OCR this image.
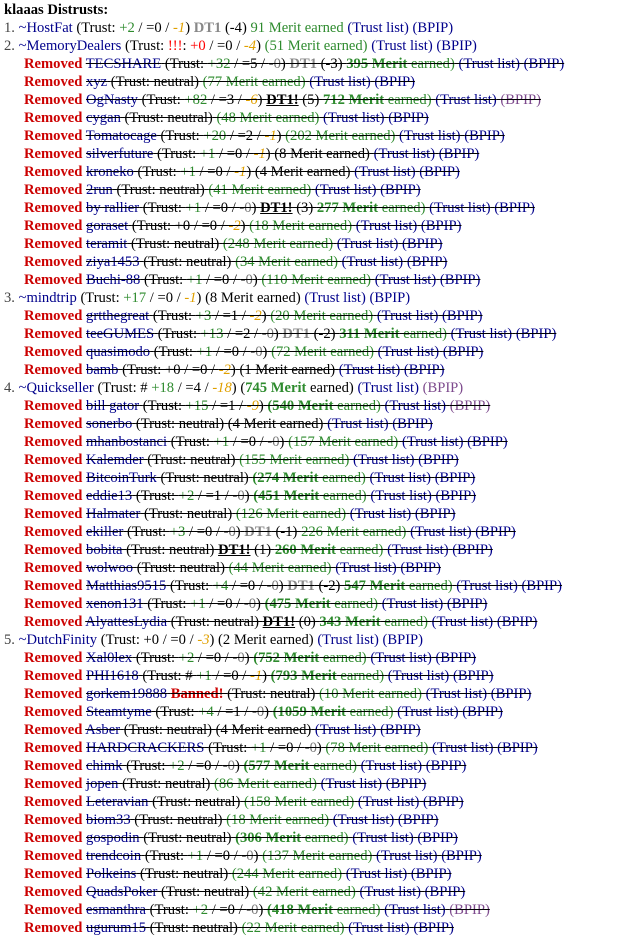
klaaas Distrusts:
1. ~HostFat (Trust: +2 / =0 / -1) DT1 (-4) 91 Merit earned (Trust list) (BPIP)
2. ~MemoryDealers (Trust: !!!: +0 / =0 / -4) (51 Merit earned) (Trust list) (BPIP)
Removed TECSHARE (Trust: +32 / =5 / -0) DT1 (-3) 395 Merit earned) (Trust list) (BPIP)
Removed xyz (Trust: neutral) (77 Merit earned) (Trust list) (BPIP)
Removed OgNasty (Trust: +82 / =3 / -6) DT1! (5) 712 Merit earned) (Trust list) (BPIP)
Removed cygan (Trust: neutral) (48 Merit earned) (Trust list) (BPIP)
Removed Tomatocage (Trust: +20 / =2 / -1) (202 Merit earned) (Trust list) (BPIP)
Removed silverfuture (Trust: +1 / =0 / -1) (8 Merit earned) (Trust list) (BPIP)
Removed kroneko (Trust: +1 / =0 / -1) (4 Merit earned) (Trust list) (BPIP)
Removed 2run (Trust: neutral) (41 Merit earned) (Trust list) (BPIP)
Removed by rallier (Trust: +1 / =0 / -0) DT1! (3) 277 Merit earned) (Trust list) (BPIP)
Removed goraset (Trust: +0 / =0 / -2) (18 Merit earned) (Trust list) (BPIP)
Removed teramit (Trust: neutral) (248 Merit earned) (Trust list) (BPIP)
Removed ziya1453 (Trust: neutral) (34 Merit earned) (Trust list) (BPIP)
Removed Buchi-88 (Trust: +1 / =0 / -0) (110 Merit earned) (Trust list) (BPIP)
3. ~mindtrip (Trust: +17 / =0 / -1) (8 Merit earned) (Trust list) (BPIP)
Removed grtthegreat (Trust: +3 / =1 / -2) (20 Merit earned) (Trust list) (BPIP)
Removed teeGUMES (Trust: +13 / =2 / -0) DT1 (-2) 311 Merit earned) (Trust list) (BPIP)
Removed quasimodo (Trust: +1 / =0 / -0) (72 Merit earned) (Trust list) (BPIP)
Removed bamb (Trust: +0 / =0 / -2) (1 Merit earned) (Trust list) (BPIP)
4. ~Quickseller (Trust: # +18 / =4 / -18) (745 Merit earned) (Trust list) (BPIP)
Removed bill gator (Trust: +15 / =1 / -9) (540 Merit earned) (Trust list) (BPIP)
Removed sonerbo (Trust: neutral) (4 Merit earned) (Trust list) (BPIP)
Removed mhanbostanci (Trust: +1 / =0 / -0) (157 Merit earned) (Trust list) (BPIP)
Removed Kalemder (Trust: neutral) (155 Merit earned) (Trust list) (BPIP)
Removed BitcoinTurk (Trust: neutral) (274 Merit earned) (Trust list) (BPIP)
Removed eddie13 (Trust: +2 / =1 / -0) (451 Merit earned) (Trust list) (BPIP)
Removed Halmater (Trust: neutral) (126 Merit earned) (Trust list) (BPIP)
Removed ekiller (Trust: +3 / =0 / -0) DT1 (-1) 226 Merit earned) (Trust list) (BPIP)
Removed bobita (Trust: neutral) DT1! (1) 260 Merit earned) (Trust list) (BPIP)
Removed wolwoo (Trust: neutral) (44 Merit earned) (Trust list) (BPIP)
Removed Matthias9515 (Trust: +4 / =0 / -0) DT1 (-2) 547 Merit earned) (Trust list) (BPIP)
Removed xenon131 (Trust: +1 / =0 / -0) (475 Merit earned) (Trust list) (BPIP)
Removed AlyattesLydia (Trust: neutral) DT1! (0) 343 Merit earned) (Trust list) (BPIP)
5. ~DutchFinity (Trust: +0 / =0 / -3) (2 Merit earned) (Trust list) (BPIP)
Removed Xal0lex (Trust: +2 / =0 / -0) (752 Merit earned) (Trust list) (BPIP)
Removed PHI1618 (Trust: # +1 / =0 / -1) (793 Merit earned) (Trust list) (BPIP)
Removed gorkem19888 Banned! (Trust: neutral) (10 Merit earned) (Trust list) (BPIP)
Removed Steamtyme (Trust: +4 / =1 / -0) (1059 Merit earned) (Trust list) (BPIP)
Removed Asber (Trust: neutral) (4 Merit earned) (Trust list) (BPIP)
Removed HARDCRACKERS (Trust: +1 / =0 / -0) (78 Merit earned) (Trust list) (BPIP)
Removed chimk (Trust: +2 / =0 / -0) (577 Merit earned) (Trust list) (BPIP)
Removed jopen (Trust: neutral) (86 Merit earned) (Trust list) (BPIP)
Removed Leteravian (Trust: neutral) (158 Merit earned) (Trust list) (BPIP)
Removed biom33 (Trust: neutral) (18 Merit earned) (Trust list) (BPIP)
Removed gospodin (Trust: neutral) (306 Merit earned) (Trust list) (BPIP)
Removed trendcoin (Trust: +1 / =0 / -0) (137 Merit earned) (Trust list) (BPIP)
Removed Polkeins (Trust: neutral) (244 Merit earned) (Trust list) (BPIP)
Removed QuadsPoker (Trust: neutral) (42 Merit earned) (Trust list) (BPIP)
Removed esmanthra (Trust: +2 / =0 / -0) (418 Merit earned) (Trust list) (BPIP)
Removed ugurum15 (Trust: neutral) (22 Merit earned) (Trust list) (BPIP)
